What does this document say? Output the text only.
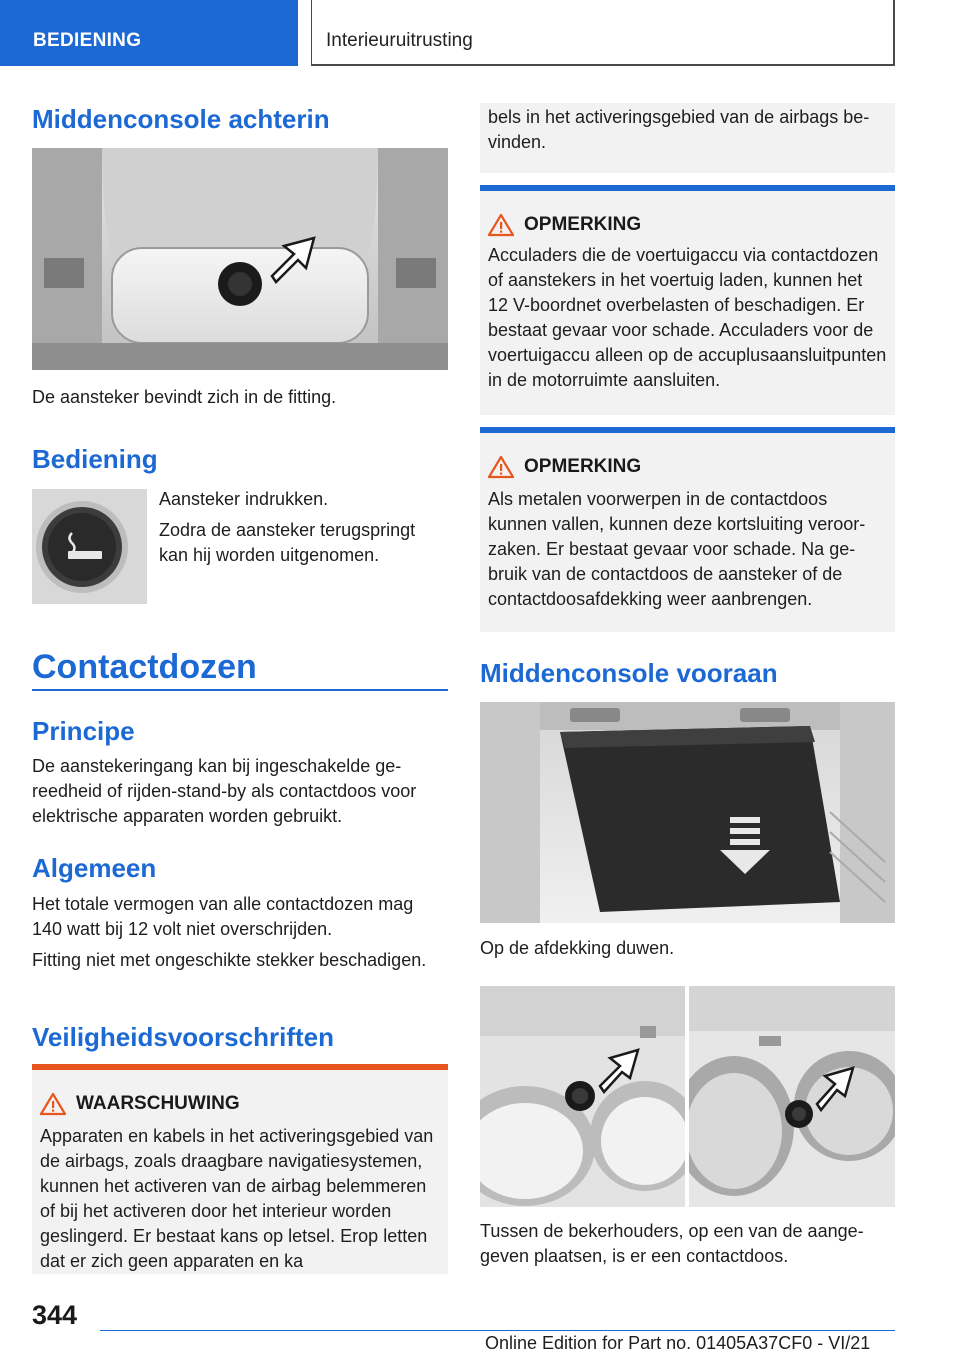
BEDIENING	Interieuruitrusting
Middenconsole achterin

De aansteker bevindt zich in de fitting.

Bediening

Aansteker indrukken.

Zodra de aansteker terugspringt kan hij worden uitgenomen.

Contactdozen
Principe

De aanstekeringang kan bij ingeschakelde gereedheid of rijden-stand-by als contactdoos voor elektrische apparaten worden gebruikt.

Algemeen

Het totale vermogen van alle contactdozen mag 140 watt bij 12 volt niet overschrijden.

Fitting niet met ongeschikte stekker beschadigen.

Veiligheidsvoorschriften
WAARSCHUWING
Apparaten en kabels in het activeringsgebied van de airbags, zoals draagbare navigatiesystemen, kunnen het activeren van de airbag belemmeren of bij het activeren door het interieur worden geslingerd. Er bestaat kans op letsel. Erop letten dat er zich geen apparaten en ka
bels in het activeringsgebied van de airbags bevinden.
OPMERKING
Acculaders die de voertuigaccu via contactdozen of aanstekers in het voertuig laden, kunnen het 12 V-boordnet overbelasten of beschadigen. Er bestaat gevaar voor schade. Acculaders voor de voertuigaccu alleen op de accuplusaansluitpunten in de motorruimte aansluiten.
OPMERKING
Als metalen voorwerpen in de contactdoos kunnen vallen, kunnen deze kortsluiting veroorzaken. Er bestaat gevaar voor schade. Na gebruik van de contactdoos de aansteker of de contactdoosafdekking weer aanbrengen.
Middenconsole vooraan

Op de afdekking duwen.

Tussen de bekerhouders, op een van de aangegeven plaatsen, is er een contactdoos.

344
Online Edition for Part no. 01405A37CF0 - VI/21
